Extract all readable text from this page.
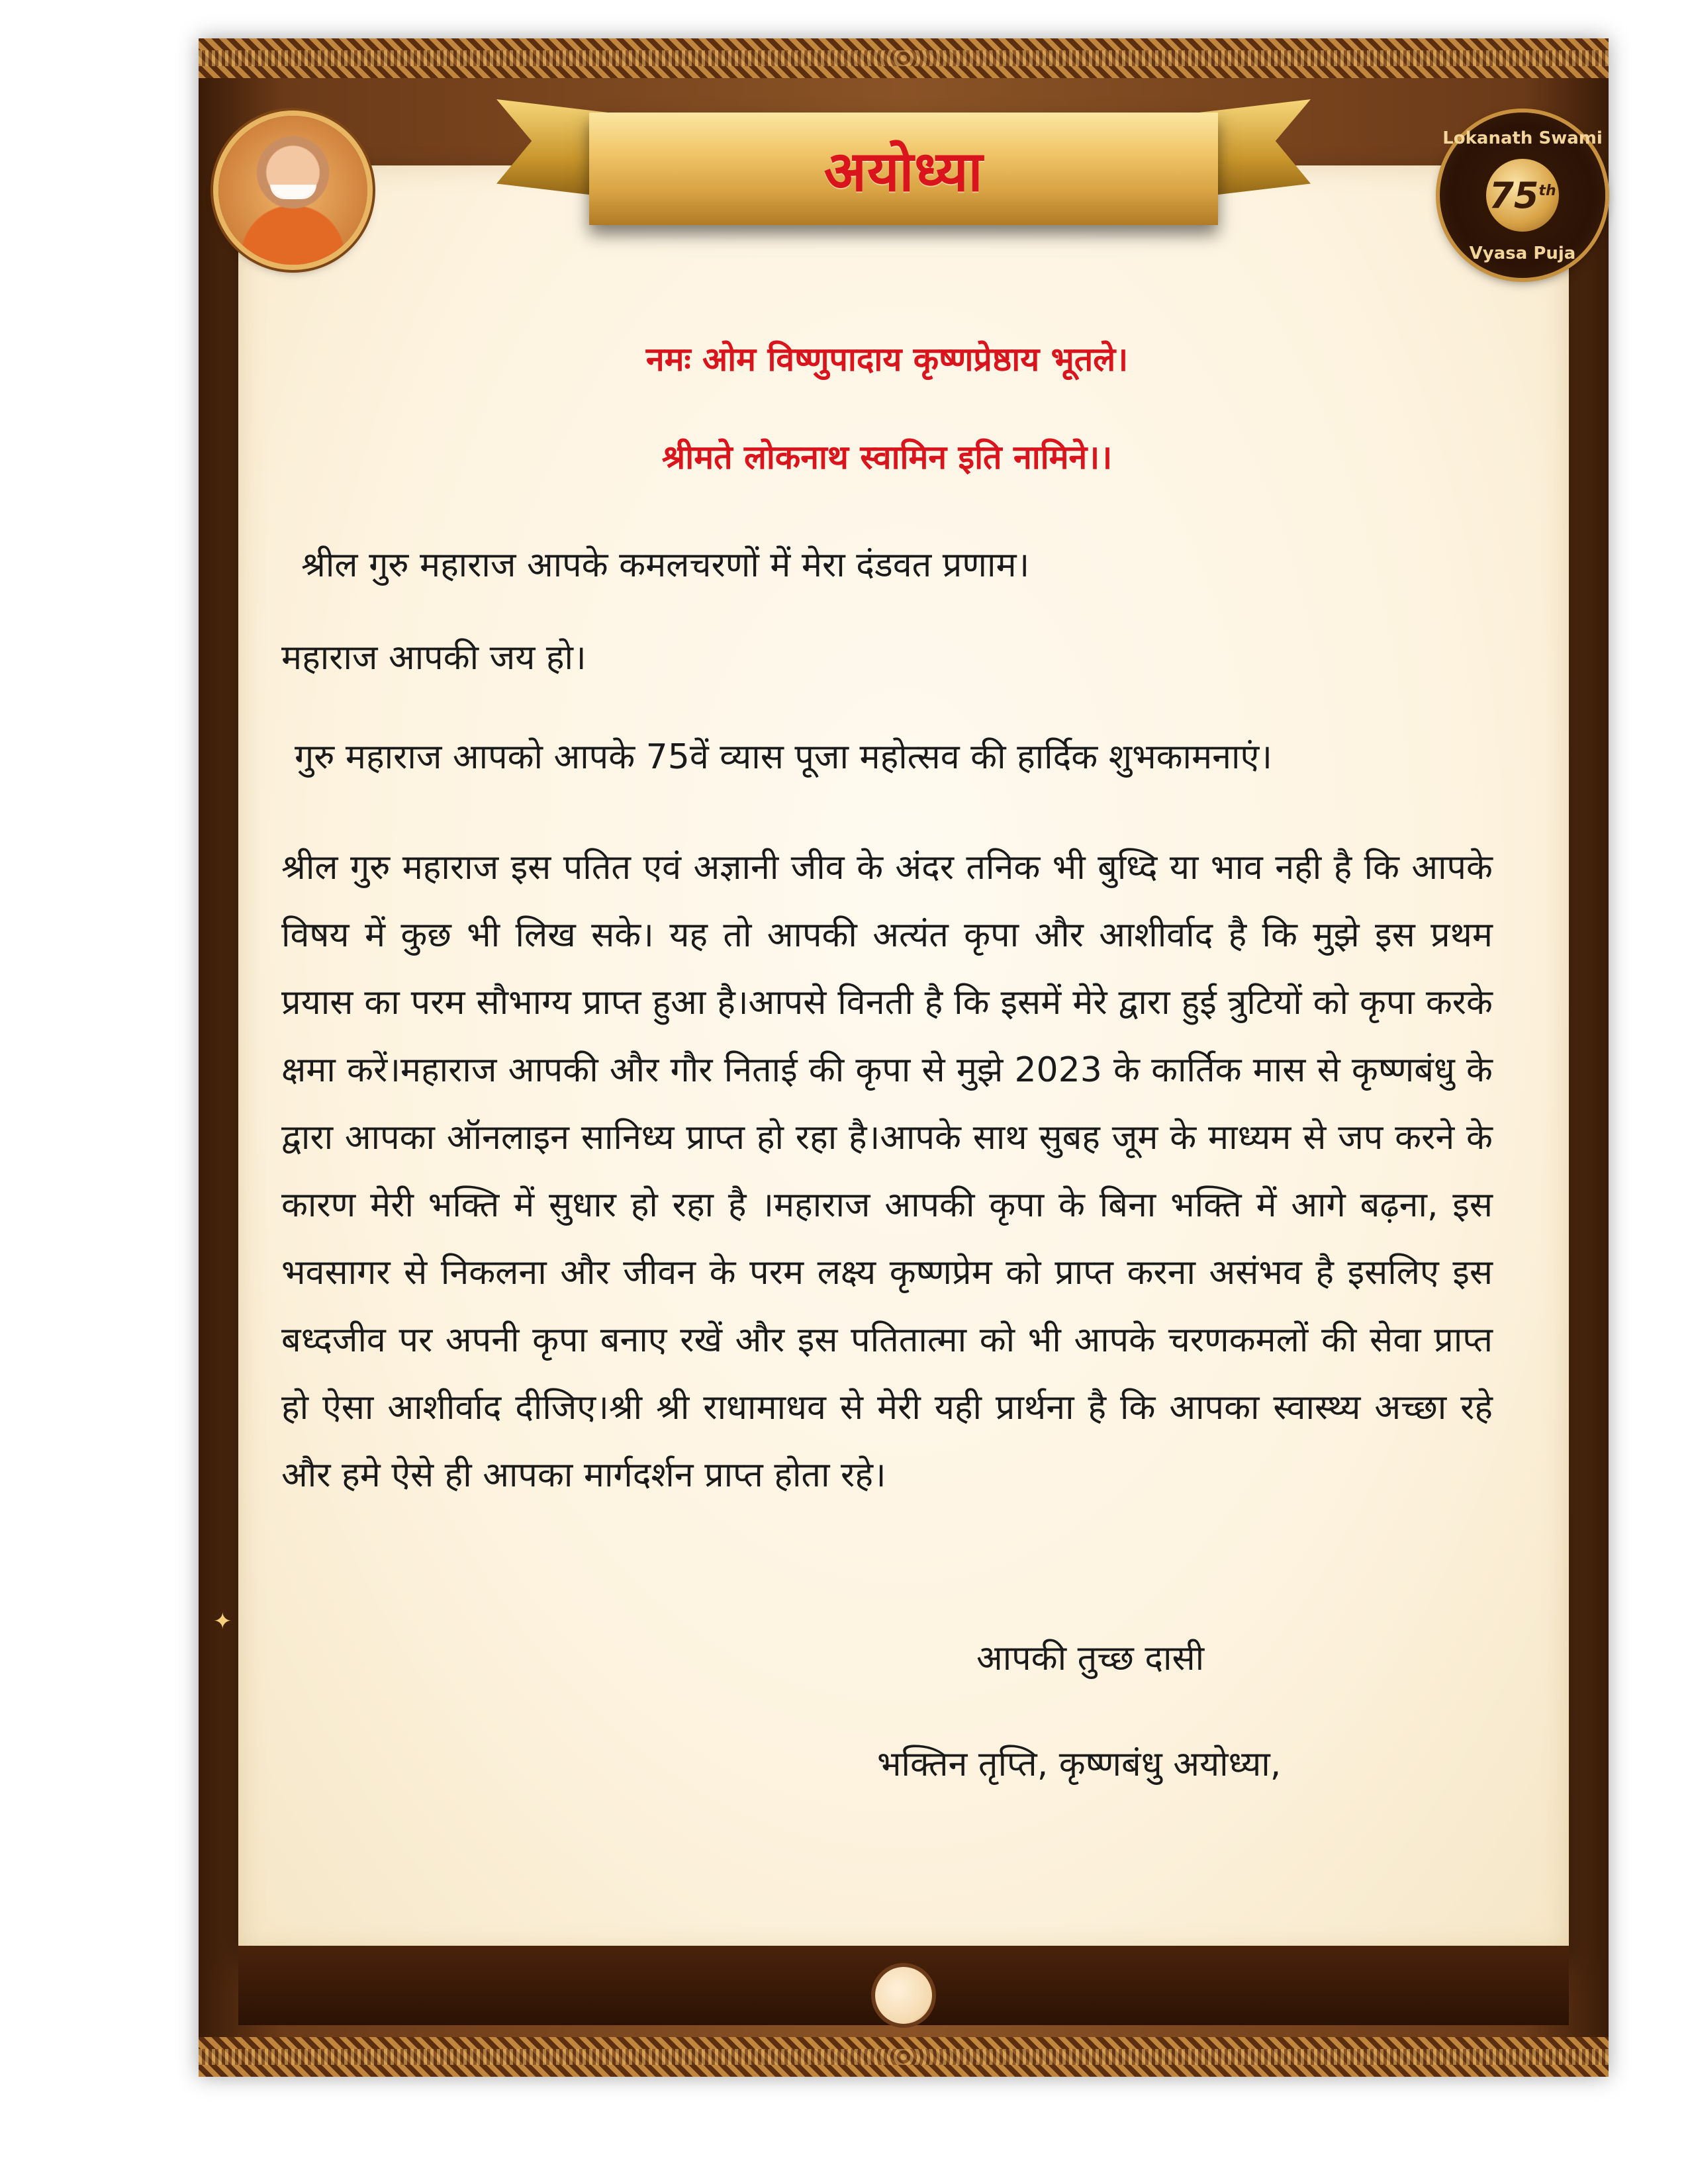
अयोध्या
Lokanath Swami
75th
Vyasa Puja
✦

नमः ओम विष्णुपादाय कृष्णप्रेष्ठाय भूतले।

श्रीमते लोकनाथ स्वामिन इति नामिने।।

श्रील गुरु महाराज आपके कमलचरणों में मेरा दंडवत प्रणाम।

महाराज आपकी जय हो।

गुरु महाराज आपको आपके 75वें व्यास पूजा महोत्सव की हार्दिक शुभकामनाएं।

श्रील गुरु महाराज इस पतित एवं अज्ञानी जीव के अंदर तनिक भी बुध्दि या भाव नही है कि आपके विषय में कुछ भी लिख सके। यह तो आपकी अत्यंत कृपा और आशीर्वाद है कि मुझे इस प्रथम प्रयास का परम सौभाग्य प्राप्त हुआ है।आपसे विनती है कि इसमें मेरे द्वारा हुई त्रुटियों को कृपा करके क्षमा करें।महाराज आपकी और गौर निताई की कृपा से मुझे 2023 के कार्तिक मास से कृष्णबंधु के द्वारा आपका ऑनलाइन सानिध्य प्राप्त हो रहा है।आपके साथ सुबह जूम के माध्यम से जप करने के कारण मेरी भक्ति में सुधार हो रहा है ।महाराज आपकी कृपा के बिना भक्ति में आगे बढ़ना, इस भवसागर से निकलना और जीवन के परम लक्ष्य कृष्णप्रेम को प्राप्त करना असंभव है इसलिए इस बध्दजीव पर अपनी कृपा बनाए रखें और इस पतितात्मा को भी आपके चरणकमलों की सेवा प्राप्त हो ऐसा आशीर्वाद दीजिए।श्री श्री राधामाधव से मेरी यही प्रार्थना है कि आपका स्वास्थ्य अच्छा रहे और हमे ऐसे ही आपका मार्गदर्शन प्राप्त होता रहे।

आपकी तुच्छ दासी

भक्तिन तृप्ति, कृष्णबंधु अयोध्या,
